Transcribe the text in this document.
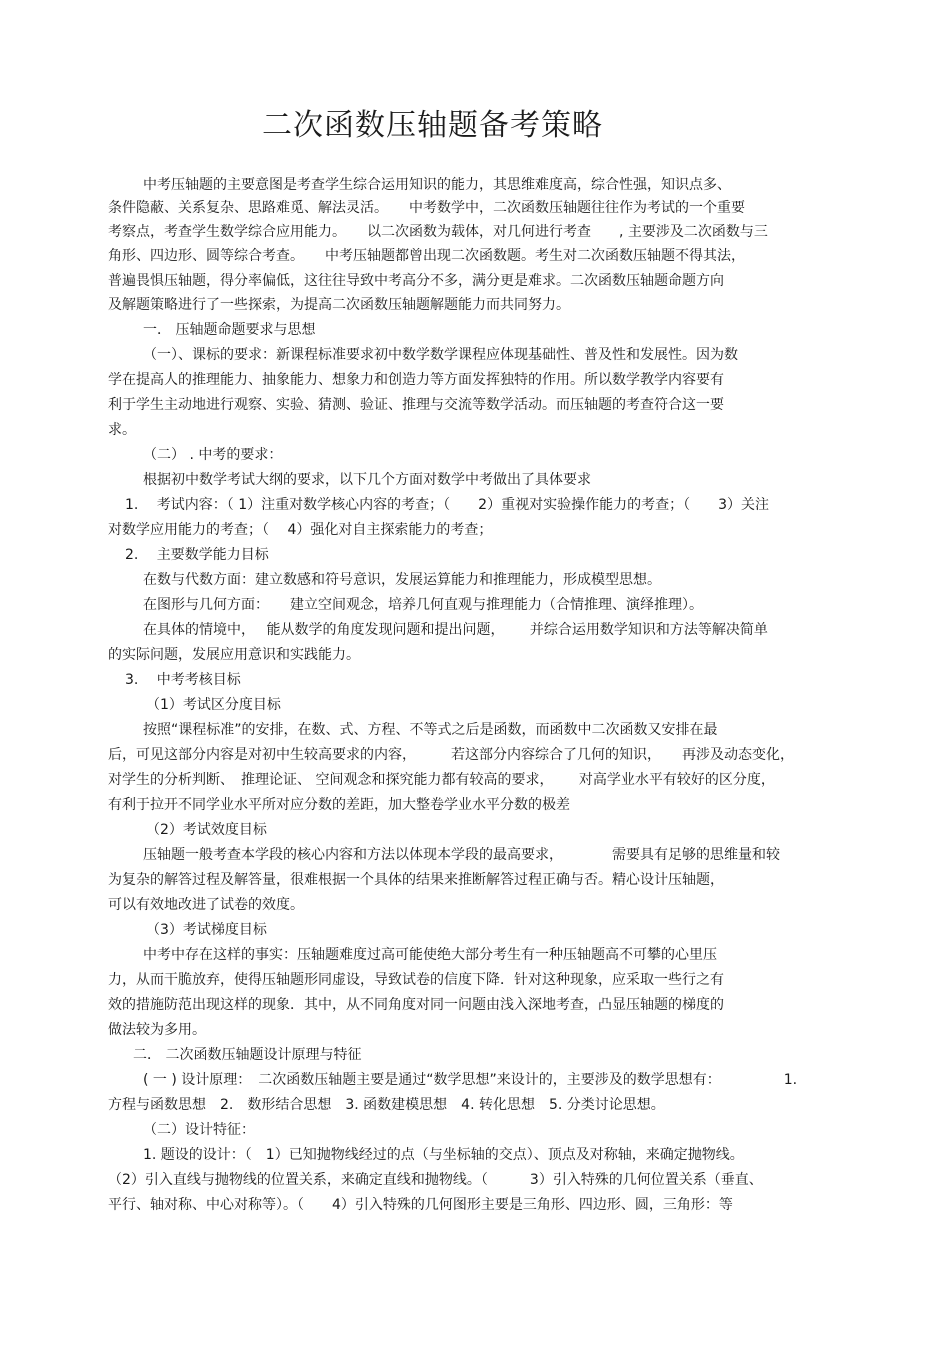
二次函数压轴题备考策略
中考压轴题的主要意图是考查学生综合运用知识的能力，其思维难度高，综合性强，知识点多、
条件隐蔽、关系复杂、思路难觅、解法灵活。　　中考数学中，二次函数压轴题往往作为考试的一个重要
考察点，考查学生数学综合应用能力。　　以二次函数为载体，对几何进行考查　　, 主要涉及二次函数与三
角形、四边形、圆等综合考查。　　中考压轴题都曾出现二次函数题。考生对二次函数压轴题不得其法，
普遍畏惧压轴题，得分率偏低，这往往导致中考高分不多，满分更是难求。二次函数压轴题命题方向
及解题策略进行了一些探索，为提高二次函数压轴题解题能力而共同努力。
一． 压轴题命题要求与思想
（一）、课标的要求：新课程标准要求初中数学数学课程应体现基础性、普及性和发展性。因为数
学在提高人的推理能力、抽象能力、想象力和创造力等方面发挥独特的作用。所以数学教学内容要有
利于学生主动地进行观察、实验、猜测、验证、推理与交流等数学活动。而压轴题的考查符合这一要
求。
（二） . 中考的要求：
根据初中数学考试大纲的要求，以下几个方面对数学中考做出了具体要求
1.　 考试内容：（ 1）注重对数学核心内容的考查；（　　2）重视对实验操作能力的考查；（　　3）关注
对数学应用能力的考查；（　 4）强化对自主探索能力的考查；
2.　 主要数学能力目标
在数与代数方面：建立数感和符号意识，发展运算能力和推理能力，形成模型思想。
在图形与几何方面：　　建立空间观念，培养几何直观与推理能力（合情推理、演绎推理）。
在具体的情境中，　 能从数学的角度发现问题和提出问题，　　 并综合运用数学知识和方法等解决简单
的实际问题，发展应用意识和实践能力。
3.　 中考考核目标
（1）考试区分度目标
按照“课程标准”的安排，在数、式、方程、不等式之后是函数，而函数中二次函数又安排在最
后，可见这部分内容是对初中生较高要求的内容，　　　若这部分内容综合了几何的知识，　　再涉及动态变化，
对学生的分析判断、　推理论证、 空间观念和探究能力都有较高的要求，　　 对高学业水平有较好的区分度，
有利于拉开不同学业水平所对应分数的差距，加大整卷学业水平分数的极差
（2）考试效度目标
压轴题一般考查本学段的核心内容和方法以体现本学段的最高要求，　　　　需要具有足够的思维量和较
为复杂的解答过程及解答量，很难根据一个具体的结果来推断解答过程正确与否。精心设计压轴题，
可以有效地改进了试卷的效度。
（3）考试梯度目标
中考中存在这样的事实：压轴题难度过高可能使绝大部分考生有一种压轴题高不可攀的心里压
力，从而干脆放弃，使得压轴题形同虚设，导致试卷的信度下降．针对这种现象，应采取一些行之有
效的措施防范出现这样的现象．其中，从不同角度对同一问题由浅入深地考查，凸显压轴题的梯度的
做法较为多用。
二． 二次函数压轴题设计原理与特征
( 一 ) 设计原理：　二次函数压轴题主要是通过“数学思想”来设计的，主要涉及的数学思想有：　　　　　1.
方程与函数思想　2.　数形结合思想　3. 函数建模思想　4. 转化思想　5. 分类讨论思想。
（二）设计特征：
1. 题设的设计：（　1）已知抛物线经过的点（与坐标轴的交点）、顶点及对称轴，来确定抛物线。
（2）引入直线与抛物线的位置关系，来确定直线和抛物线。（　　　3）引入特殊的几何位置关系（垂直、
平行、轴对称、中心对称等）。（　　4）引入特殊的几何图形主要是三角形、四边形、圆，三角形：等
